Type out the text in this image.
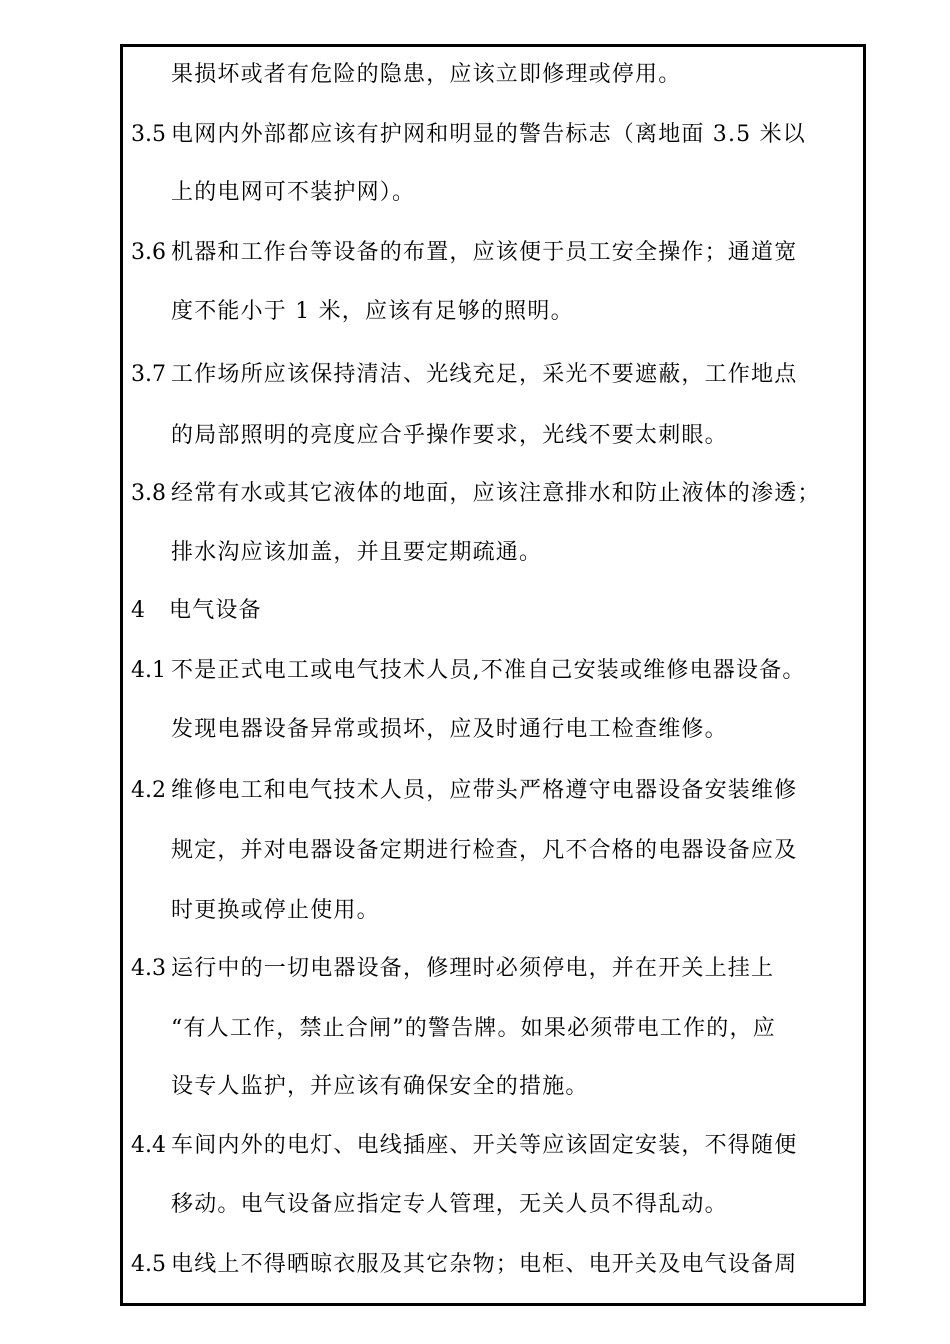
果损坏或者有危险的隐患，应该立即修理或停用。
3.5 电网内外部都应该有护网和明显的警告标志（离地面 3.5 米以
上的电网可不装护网）。
3.6 机器和工作台等设备的布置，应该便于员工安全操作；通道宽
度不能小于 1 米，应该有足够的照明。
3.7 工作场所应该保持清洁、光线充足，采光不要遮蔽，工作地点
的局部照明的亮度应合乎操作要求，光线不要太刺眼。
3.8 经常有水或其它液体的地面，应该注意排水和防止液体的渗透；
排水沟应该加盖，并且要定期疏通。
4 电气设备
4.1 不是正式电工或电气技术人员,不准自己安装或维修电器设备。
发现电器设备异常或损坏，应及时通行电工检查维修。
4.2 维修电工和电气技术人员，应带头严格遵守电器设备安装维修
规定，并对电器设备定期进行检查，凡不合格的电器设备应及
时更换或停止使用。
4.3 运行中的一切电器设备，修理时必须停电，并在开关上挂上
“有人工作，禁止合闸”的警告牌。如果必须带电工作的，应
设专人监护，并应该有确保安全的措施。
4.4 车间内外的电灯、电线插座、开关等应该固定安装，不得随便
移动。电气设备应指定专人管理，无关人员不得乱动。
4.5 电线上不得晒晾衣服及其它杂物；电柜、电开关及电气设备周
